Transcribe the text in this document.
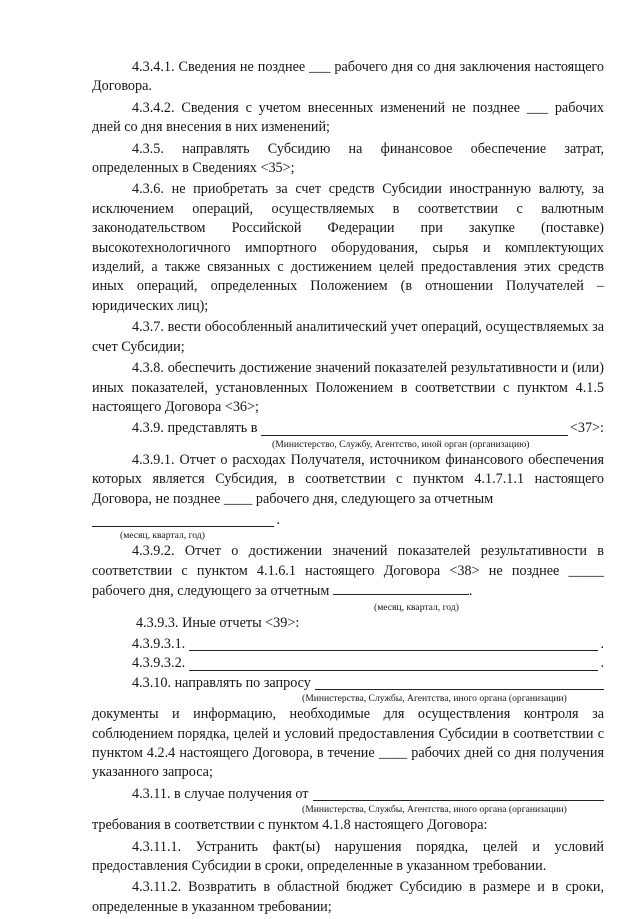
4.3.4.1. Сведения не позднее ___ рабочего дня со дня заключения настоящего Договора.

4.3.4.2. Сведения с учетом внесенных изменений не позднее ___ рабочих дней со дня внесения в них изменений;

4.3.5. направлять Субсидию на финансовое обеспечение затрат, определенных в Сведениях <35>;

4.3.6. не приобретать за счет средств Субсидии иностранную валюту, за исключением операций, осуществляемых в соответствии с валютным законодательством Российской Федерации при закупке (поставке) высокотехнологичного импортного оборудования, сырья и комплектующих изделий, а также связанных с достижением целей предоставления этих средств иных операций, определенных Положением (в отношении Получателей – юридических лиц);

4.3.7. вести обособленный аналитический учет операций, осуществляемых за счет Субсидии;

4.3.8. обеспечить достижение значений показателей результативности и (или) иных показателей, установленных Положением в соответствии с пунктом 4.1.5 настоящего Договора <36>;

4.3.9. представлять в	<37>:
(Министерство, Службу, Агентство, иной орган (организацию)

4.3.9.1. Отчет о расходах Получателя, источником финансового обеспечения которых является Субсидия, в соответствии с пунктом 4.1.7.1.1 настоящего Договора, не позднее ____ рабочего дня, следующего за отчетным

.
(месяц, квартал, год)

4.3.9.2. Отчет о достижении значений показателей результативности в соответствии с пунктом 4.1.6.1 настоящего Договора <38> не позднее _____ рабочего дня, следующего за отчетным	.

(месяц, квартал, год)

4.3.9.3. Иные отчеты <39>:

4.3.9.3.1.	.
4.3.9.3.2.	.
4.3.10. направлять по запросу
(Министерства, Службы, Агентства, иного органа (организации)

документы и информацию, необходимые для осуществления контроля за соблюдением порядка, целей и условий предоставления Субсидии в соответствии с пунктом 4.2.4 настоящего Договора, в течение ____ рабочих дней со дня получения указанного запроса;

4.3.11. в случае получения от
(Министерства, Службы, Агентства, иного органа (организации)

требования в соответствии с пунктом 4.1.8 настоящего Договора:

4.3.11.1. Устранить факт(ы) нарушения порядка, целей и условий предоставления Субсидии в сроки, определенные в указанном требовании.

4.3.11.2. Возвратить в областной бюджет Субсидию в размере и в сроки, определенные в указанном требовании;
